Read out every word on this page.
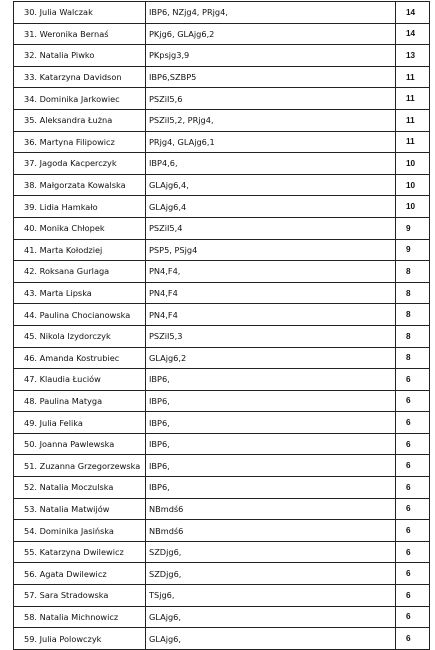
30. Julia Walczak	IBP6, NZjg4, PRjg4,	14
31. Weronika Bernaś	PKjg6, GLAjg6,2	14
32. Natalia Piwko	PKpsjg3,9	13
33. Katarzyna Davidson	IBP6,SZBP5	11
34. Dominika Jarkowiec	PSZiI5,6	11
35. Aleksandra Łużna	PSZiI5,2, PRjg4,	11
36. Martyna Filipowicz	PRjg4, GLAjg6,1	11
37. Jagoda Kacperczyk	IBP4,6,	10
38. Małgorzata Kowalska	GLAjg6,4,	10
39. Lidia Hamkało	GLAjg6,4	10
40. Monika Chłopek	PSZiI5,4	9
41. Marta Kołodziej	PSP5, PSjg4	9
42. Roksana Gurlaga	PN4,F4,	8
43. Marta Lipska	PN4,F4	8
44. Paulina Chocianowska	PN4,F4	8
45. Nikola Izydorczyk	PSZiI5,3	8
46. Amanda Kostrubiec	GLAjg6,2	8
47. Klaudia Łuciów	IBP6,	6
48. Paulina Matyga	IBP6,	6
49. Julia Felika	IBP6,	6
50. Joanna Pawlewska	IBP6,	6
51. Zuzanna Grzegorzewska	IBP6,	6
52. Natalia Moczulska	IBP6,	6
53. Natalia Matwijów	NBmdś6	6
54. Dominika Jasińska	NBmdś6	6
55. Katarzyna Dwilewicz	SZDjg6,	6
56. Agata Dwilewicz	SZDjg6,	6
57. Sara Stradowska	TSjg6,	6
58. Natalia Michnowicz	GLAjg6,	6
59. Julia Polowczyk	GLAjg6,	6
